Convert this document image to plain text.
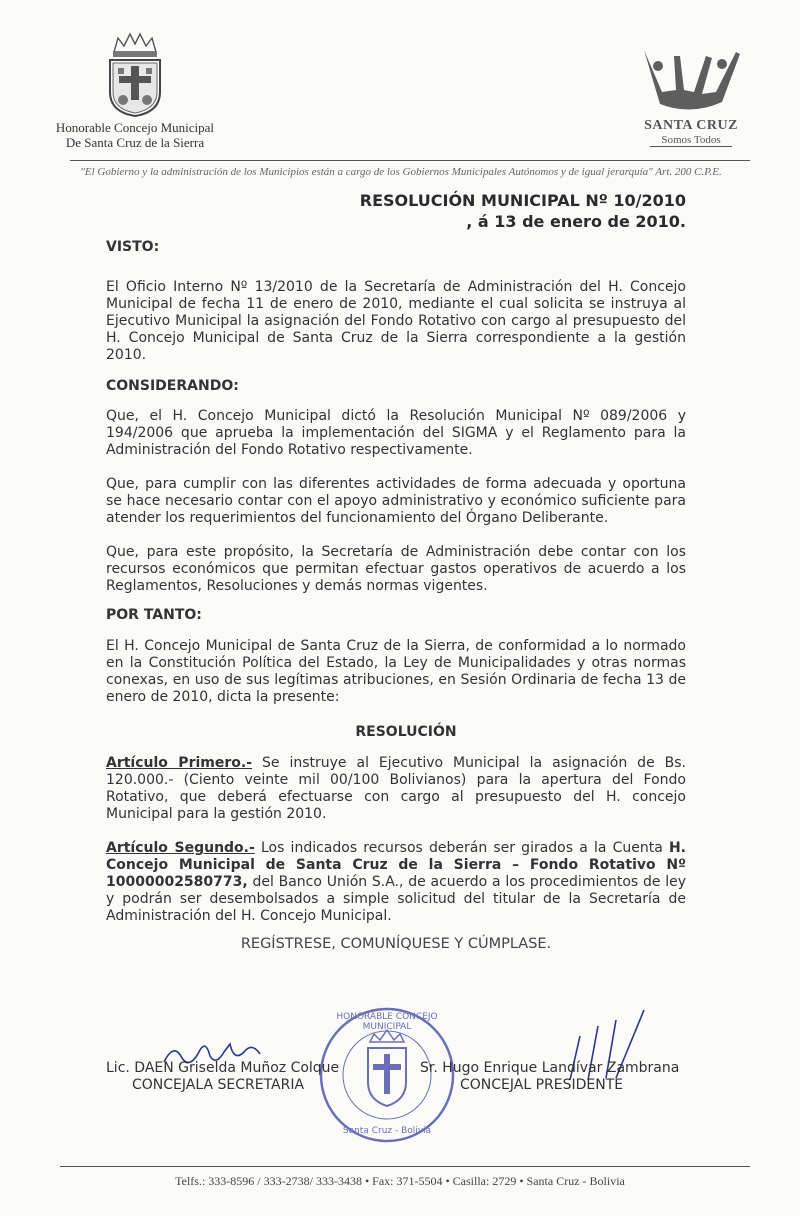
Honorable Concejo Municipal
De Santa Cruz de la Sierra
SANTA CRUZ
Somos Todos
"El Gobierno y la administración de los Municipios están a cargo de los Gobiernos Municipales Autónomos y de igual jerarquía" Art. 200 C.P.E.
RESOLUCIÓN MUNICIPAL Nº 10/2010
, á 13 de enero de 2010.
VISTO:
El Oficio Interno Nº 13/2010 de la Secretaría de Administración del H. Concejo Municipal de fecha 11 de enero de 2010, mediante el cual solicita se instruya al Ejecutivo Municipal la asignación del Fondo Rotativo con cargo al presupuesto del H. Concejo Municipal de Santa Cruz de la Sierra correspondiente a la gestión 2010.
CONSIDERANDO:
Que, el H. Concejo Municipal dictó la Resolución Municipal Nº 089/2006 y 194/2006 que aprueba la implementación del SIGMA y el Reglamento para la Administración del Fondo Rotativo respectivamente.
Que, para cumplir con las diferentes actividades de forma adecuada y oportuna se hace necesario contar con el apoyo administrativo y económico suficiente para atender los requerimientos del funcionamiento del Órgano Deliberante.
Que, para este propósito, la Secretaría de Administración debe contar con los recursos económicos que permitan efectuar gastos operativos de acuerdo a los Reglamentos, Resoluciones y demás normas vigentes.
POR TANTO:
El H. Concejo Municipal de Santa Cruz de la Sierra, de conformidad a lo normado en la Constitución Política del Estado, la Ley de Municipalidades y otras normas conexas, en uso de sus legítimas atribuciones, en Sesión Ordinaria de fecha 13 de enero de 2010, dicta la presente:
RESOLUCIÓN
Artículo Primero.- Se instruye al Ejecutivo Municipal la asignación de Bs. 120.000.- (Ciento veinte mil 00/100 Bolivianos) para la apertura del Fondo Rotativo, que deberá efectuarse con cargo al presupuesto del H. concejo Municipal para la gestión 2010.
Artículo Segundo.- Los indicados recursos deberán ser girados a la Cuenta H. Concejo Municipal de Santa Cruz de la Sierra – Fondo Rotativo Nº 10000002580773, del Banco Unión S.A., de acuerdo a los procedimientos de ley y podrán ser desembolsados a simple solicitud del titular de la Secretaría de Administración del H. Concejo Municipal.
REGÍSTRESE, COMUNÍQUESE Y CÚMPLASE.
HONORABLE CONCEJO MUNICIPAL
Santa Cruz - Bolivia
Lic. DAEN Griselda Muñoz Colque
CONCEJALA SECRETARIA
Sr. Hugo Enrique Landívar Zambrana
CONCEJAL PRESIDENTE
Telfs.: 333-8596 / 333-2738/ 333-3438 • Fax: 371-5504 • Casilla: 2729 • Santa Cruz - Bolivia
